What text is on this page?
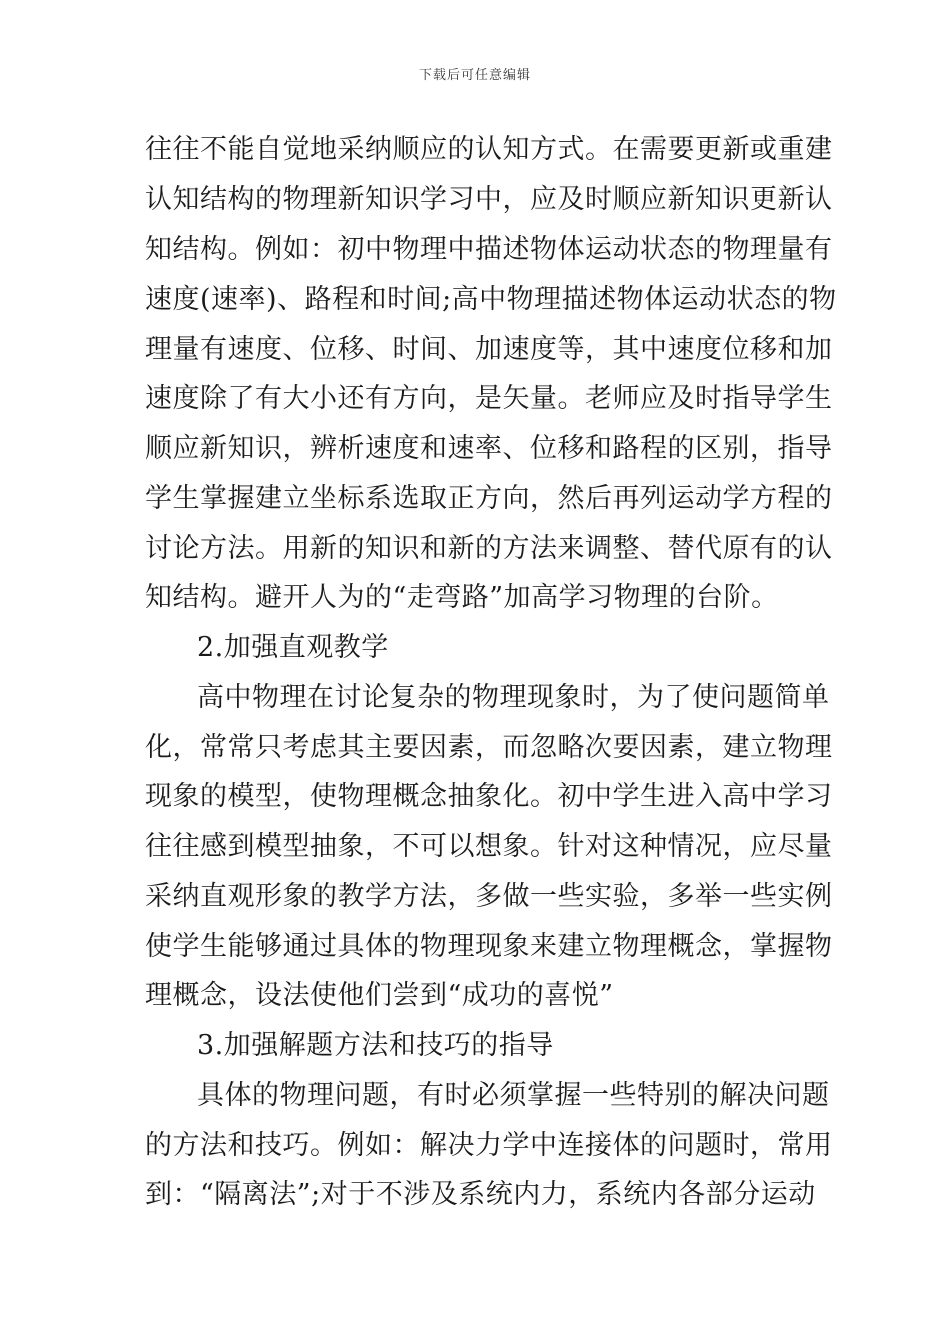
下载后可任意编辑
往往不能自觉地采纳顺应的认知方式。在需要更新或重建
认知结构的物理新知识学习中，应及时顺应新知识更新认
知结构。例如：初中物理中描述物体运动状态的物理量有
速度(速率)、路程和时间;高中物理描述物体运动状态的物
理量有速度、位移、时间、加速度等，其中速度位移和加
速度除了有大小还有方向，是矢量。老师应及时指导学生
顺应新知识，辨析速度和速率、位移和路程的区别，指导
学生掌握建立坐标系选取正方向，然后再列运动学方程的
讨论方法。用新的知识和新的方法来调整、替代原有的认
知结构。避开人为的“走弯路”加高学习物理的台阶。
2.加强直观教学
高中物理在讨论复杂的物理现象时，为了使问题简单
化，常常只考虑其主要因素，而忽略次要因素，建立物理
现象的模型，使物理概念抽象化。初中学生进入高中学习
往往感到模型抽象，不可以想象。针对这种情况，应尽量
采纳直观形象的教学方法，多做一些实验，多举一些实例
使学生能够通过具体的物理现象来建立物理概念，掌握物
理概念，设法使他们尝到“成功的喜悦”
3.加强解题方法和技巧的指导
具体的物理问题，有时必须掌握一些特别的解决问题
的方法和技巧。例如：解决力学中连接体的问题时，常用
到：“隔离法”;对于不涉及系统内力，系统内各部分运动
